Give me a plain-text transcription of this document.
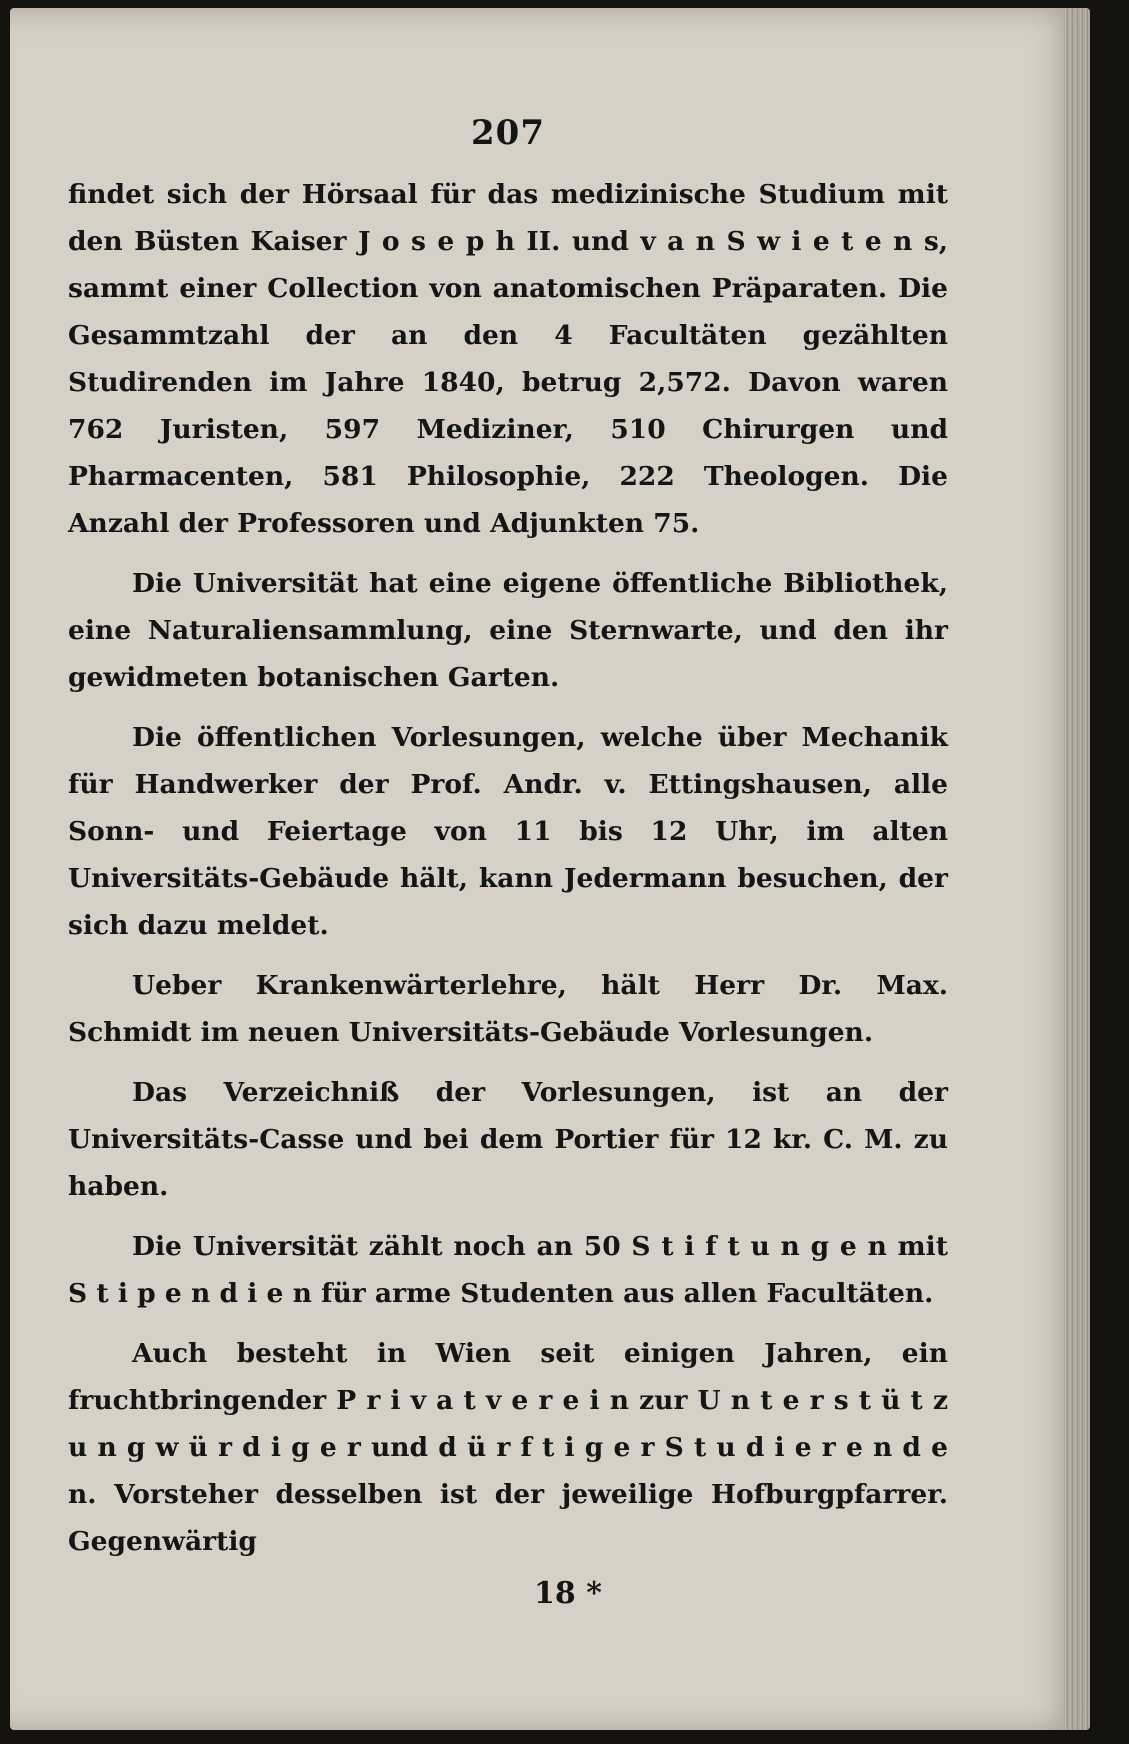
207

findet sich der Hörsaal für das medizinische Studium mit den Büsten Kaiser J o s e p h II. und v a n S w i e t e n s, sammt einer Collection von anatomischen Präparaten. Die Gesammtzahl der an den 4 Facultäten gezählten Studirenden im Jahre 1840, betrug 2,572. Davon waren 762 Juristen, 597 Mediziner, 510 Chirurgen und Pharmacenten, 581 Philosophie, 222 Theologen. Die Anzahl der Professoren und Adjunkten 75.

Die Universität hat eine eigene öffentliche Bibliothek, eine Naturaliensammlung, eine Sternwarte, und den ihr gewidmeten botanischen Garten.

Die öffentlichen Vorlesungen, welche über Mechanik für Handwerker der Prof. Andr. v. Ettingshausen, alle Sonn- und Feiertage von 11 bis 12 Uhr, im alten Universitäts-Gebäude hält, kann Jedermann besuchen, der sich dazu meldet.

Ueber Krankenwärterlehre, hält Herr Dr. Max. Schmidt im neuen Universitäts-Gebäude Vorlesungen.

Das Verzeichniß der Vorlesungen, ist an der Universitäts-Casse und bei dem Portier für 12 kr. C. M. zu haben.

Die Universität zählt noch an 50 S t i f t u n g e n mit S t i p e n d i e n für arme Studenten aus allen Facultäten.

Auch besteht in Wien seit einigen Jahren, ein fruchtbringender P r i v a t v e r e i n zur U n t e r s t ü t z u n g w ü r d i g e r und d ü r f t i g e r S t u d i e r e n d e n. Vorsteher desselben ist der jeweilige Hofburgpfarrer. Gegenwärtig

18 *
